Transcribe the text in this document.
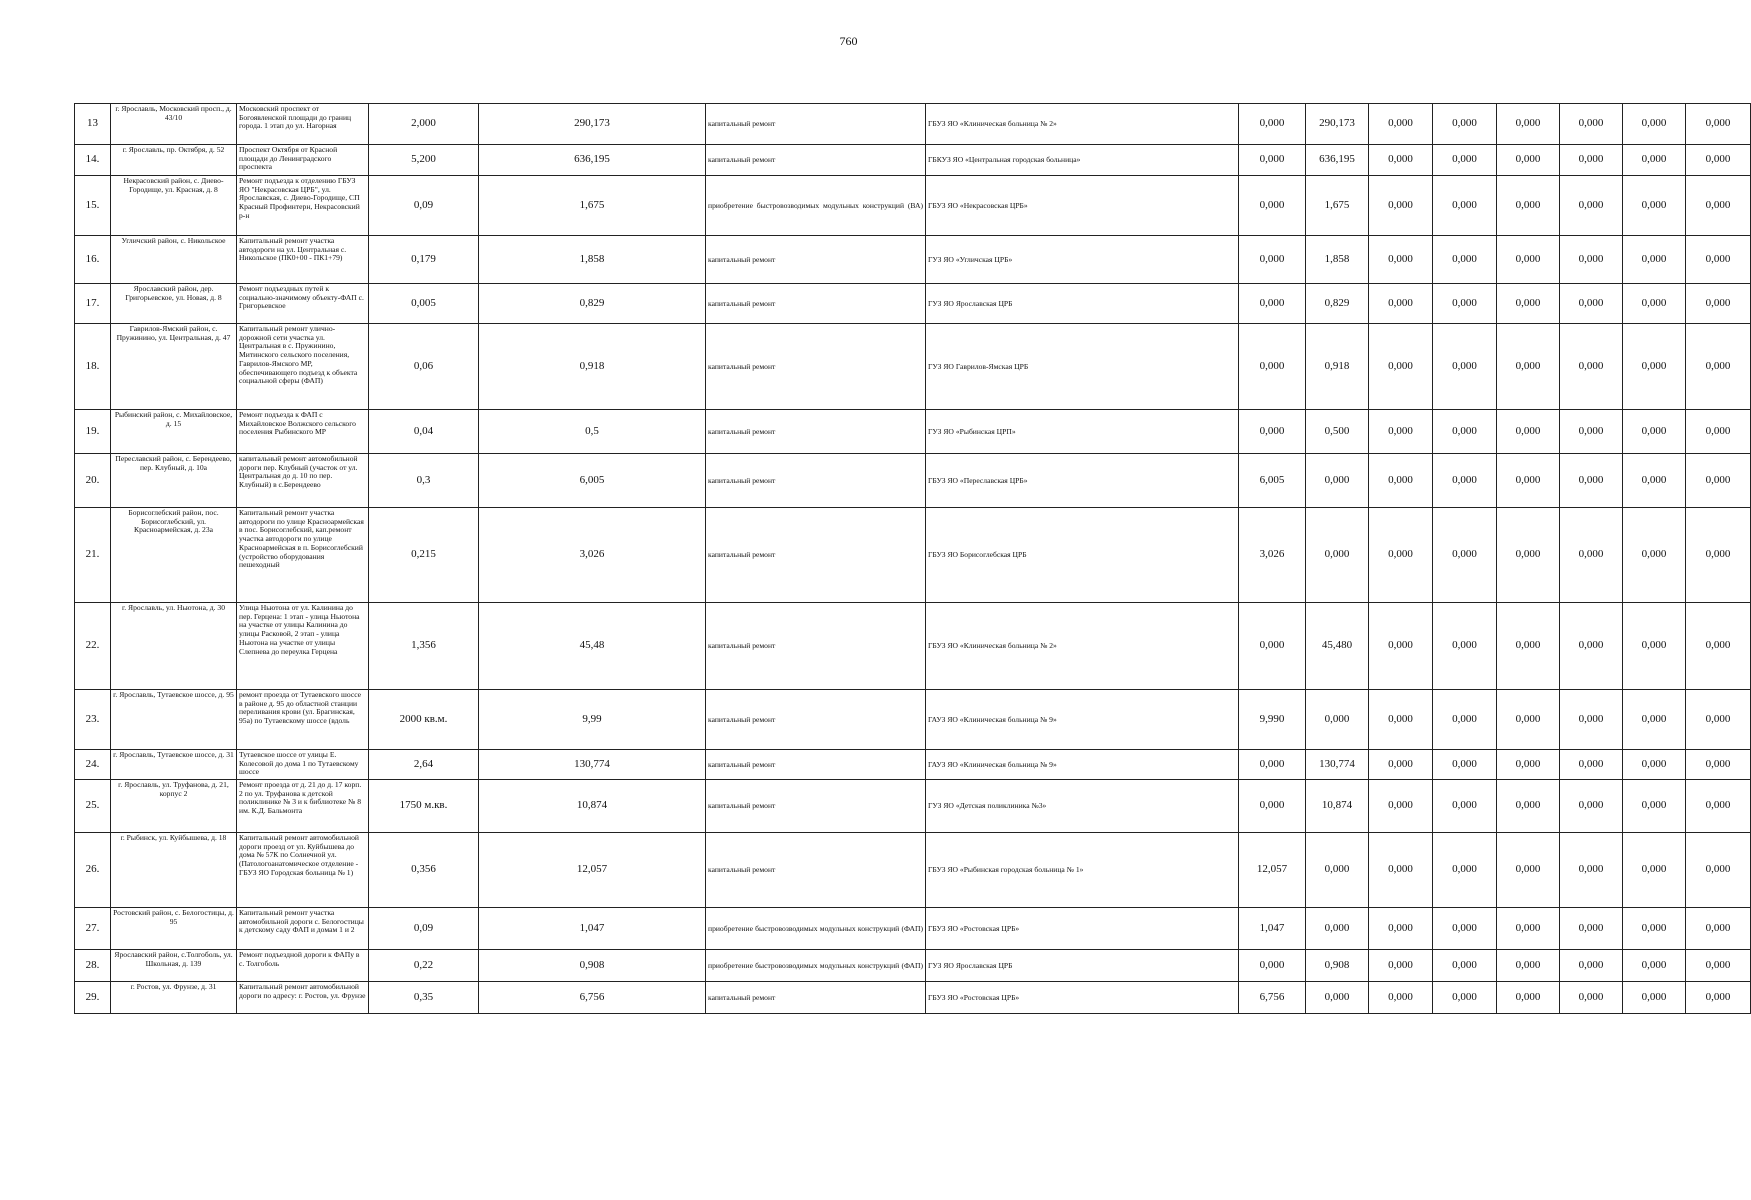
760
13	г. Ярославль, Московский просп., д. 43/10	Московский проспект от Богоявленской площади до границ города. 1 этап до ул. Нагорная	2,000	290,173	капитальный ремонт	ГБУЗ ЯО «Клиническая больница № 2»	0,000	290,173	0,000	0,000	0,000	0,000	0,000	0,000
14.	г. Ярославль, пр. Октября, д. 52	Проспект Октября от Красной площади до Ленинградского проспекта	5,200	636,195	капитальный ремонт	ГБКУЗ ЯО «Центральная городская больница»	0,000	636,195	0,000	0,000	0,000	0,000	0,000	0,000
15.	Некрасовский район, с. Диево-Городище, ул. Красная, д. 8	Ремонт подъезда к отделению ГБУЗ ЯО "Некрасовская ЦРБ", ул. Ярославская, с. Диево-Городище, СП Красный Профинтерн, Некрасовский р-н	0,09	1,675	приобретение быстровозводимых модульных конструкций (ВА)	ГБУЗ ЯО «Некрасовская ЦРБ»	0,000	1,675	0,000	0,000	0,000	0,000	0,000	0,000
16.	Угличский район, с. Никольское	Капитальный ремонт участка автодороги на ул. Центральная с. Никольское (ПК0+00 - ПК1+79)	0,179	1,858	капитальный ремонт	ГУЗ ЯО «Угличская ЦРБ»	0,000	1,858	0,000	0,000	0,000	0,000	0,000	0,000
17.	Ярославский район, дер. Григорьевское, ул. Новая, д. 8	Ремонт подъездных путей к социально-значимому объекту-ФАП с. Григорьевское	0,005	0,829	капитальный ремонт	ГУЗ ЯО Ярославская ЦРБ	0,000	0,829	0,000	0,000	0,000	0,000	0,000	0,000
18.	Гаврилов-Ямский район, с. Пружинино, ул. Центральная, д. 47	Капитальный ремонт улично-дорожной сети участка ул. Центральная в с. Пружинино, Митинского сельского поселения, Гаврилов-Ямского МР, обеспечивающего подъезд к объекта социальной сферы (ФАП)	0,06	0,918	капитальный ремонт	ГУЗ ЯО Гаврилов-Ямская ЦРБ	0,000	0,918	0,000	0,000	0,000	0,000	0,000	0,000
19.	Рыбинский район, с. Михайловское, д. 15	Ремонт подъезда к ФАП с Михайловское Волжского сельского поселения Рыбинского МР	0,04	0,5	капитальный ремонт	ГУЗ ЯО «Рыбинская ЦРП»	0,000	0,500	0,000	0,000	0,000	0,000	0,000	0,000
20.	Переславский район, с. Берендеево, пер. Клубный, д. 10а	капитальный ремонт автомобильной дороги пер. Клубный (участок от ул. Центральная до д. 10 по пер. Клубный) в с.Берендеево	0,3	6,005	капитальный ремонт	ГБУЗ ЯО «Переславская ЦРБ»	6,005	0,000	0,000	0,000	0,000	0,000	0,000	0,000
21.	Борисоглебский район, пос. Борисоглебский, ул. Красноармейская, д. 23а	Капитальный ремонт участка автодороги по улице Красноармейская в пос. Борисоглебский, кап.ремонт участка автодороги по улице Красноармейская в п. Борисоглебский (устройство оборудования пешеходный	0,215	3,026	капитальный ремонт	ГБУЗ ЯО Борисоглебская ЦРБ	3,026	0,000	0,000	0,000	0,000	0,000	0,000	0,000
22.	г. Ярославль, ул. Ньютона, д. 30	Улица Ньютона от ул. Калинина до пер. Герцена: 1 этап - улица Ньютона на участке от улицы Калинина до улицы Расковой, 2 этап - улица Ньютона на участке от улицы Слепнева до переулка Герцена	1,356	45,48	капитальный ремонт	ГБУЗ ЯО «Клиническая больница № 2»	0,000	45,480	0,000	0,000	0,000	0,000	0,000	0,000
23.	г. Ярославль, Тутаевское шоссе, д. 95	ремонт проезда от Тутаевского шоссе в районе д. 95 до областной станции переливания крови (ул. Брагинская, 95а) по Тутаевскому шоссе (вдоль	2000 кв.м.	9,99	капитальный ремонт	ГАУЗ ЯО «Клиническая больница № 9»	9,990	0,000	0,000	0,000	0,000	0,000	0,000	0,000
24.	г. Ярославль, Тутаевское шоссе, д. 31	Тутаевское шоссе от улицы Е. Колесовой до дома 1 по Тутаевскому шоссе	2,64	130,774	капитальный ремонт	ГАУЗ ЯО «Клиническая больница № 9»	0,000	130,774	0,000	0,000	0,000	0,000	0,000	0,000
25.	г. Ярославль, ул. Труфанова, д. 21, корпус 2	Ремонт проезда от д. 21 до д. 17 корп. 2 по ул. Труфанова к детской поликлинике № 3 и к библиотеке № 8 им. К.Д. Бальмонта	1750 м.кв.	10,874	капитальный ремонт	ГУЗ ЯО «Детская поликлиника №3»	0,000	10,874	0,000	0,000	0,000	0,000	0,000	0,000
26.	г. Рыбинск, ул. Куйбышева, д. 18	Капитальный ремонт автомобильной дороги проезд от ул. Куйбышева до дома № 57К по Солнечной ул. (Патологоанатомическое отделение - ГБУЗ ЯО Городская больница № 1)	0,356	12,057	капитальный ремонт	ГБУЗ ЯО «Рыбинская городская больница № 1»	12,057	0,000	0,000	0,000	0,000	0,000	0,000	0,000
27.	Ростовский район, с. Белогостицы, д. 95	Капитальный ремонт участка автомобильной дороги с. Белогостицы к детскому саду ФАП и домам 1 и 2	0,09	1,047	приобретение быстровозводимых модульных конструкций (ФАП)	ГБУЗ ЯО «Ростовская ЦРБ»	1,047	0,000	0,000	0,000	0,000	0,000	0,000	0,000
28.	Ярославский район, с.Толгоболь, ул. Школьная, д. 139	Ремонт подъездной дороги к ФАПу в с. Толгоболь	0,22	0,908	приобретение быстровозводимых модульных конструкций (ФАП)	ГУЗ ЯО Ярославская ЦРБ	0,000	0,908	0,000	0,000	0,000	0,000	0,000	0,000
29.	г. Ростов, ул. Фрунзе, д. 31	Капитальный ремонт автомобильной дороги по адресу: г. Ростов, ул. Фрунзе	0,35	6,756	капитальный ремонт	ГБУЗ ЯО «Ростовская ЦРБ»	6,756	0,000	0,000	0,000	0,000	0,000	0,000	0,000
